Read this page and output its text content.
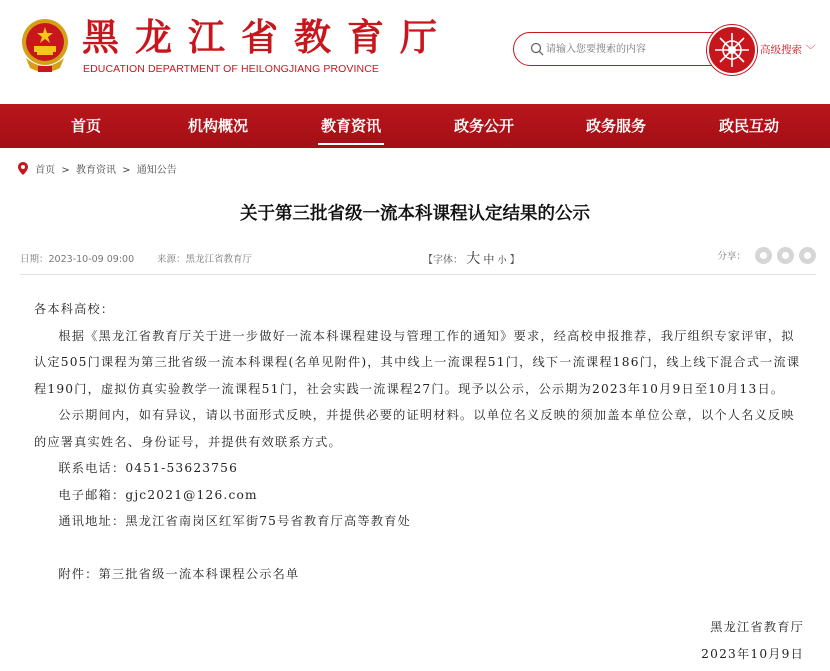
黑龙江省教育厅
EDUCATION DEPARTMENT OF HEILONGJIANG PROVINCE
请输入您要搜索的内容
高级搜索 ﹀
首页	机构概况	教育资讯	政务公开	政务服务	政民互动
首页 > 教育资讯 > 通知公告
关于第三批省级一流本科课程认定结果的公示
日期：2023-10-09 09:00 来源：黑龙江省教育厅	【字体： 大 中 小 】	分享：

各本科高校：

根据《黑龙江省教育厅关于进一步做好一流本科课程建设与管理工作的通知》要求，经高校申报推荐，我厅组织专家评审，拟认定505门课程为第三批省级一流本科课程(名单见附件)，其中线上一流课程51门，线下一流课程186门，线上线下混合式一流课程190门，虚拟仿真实验教学一流课程51门，社会实践一流课程27门。现予以公示，公示期为2023年10月9日至10月13日。

公示期间内，如有异议，请以书面形式反映，并提供必要的证明材料。以单位名义反映的须加盖本单位公章，以个人名义反映的应署真实姓名、身份证号，并提供有效联系方式。

联系电话：0451-53623756

电子邮箱：gjc2021@126.com

通讯地址：黑龙江省南岗区红军街75号省教育厅高等教育处

附件：第三批省级一流本科课程公示名单

黑龙江省教育厅

2023年10月9日
